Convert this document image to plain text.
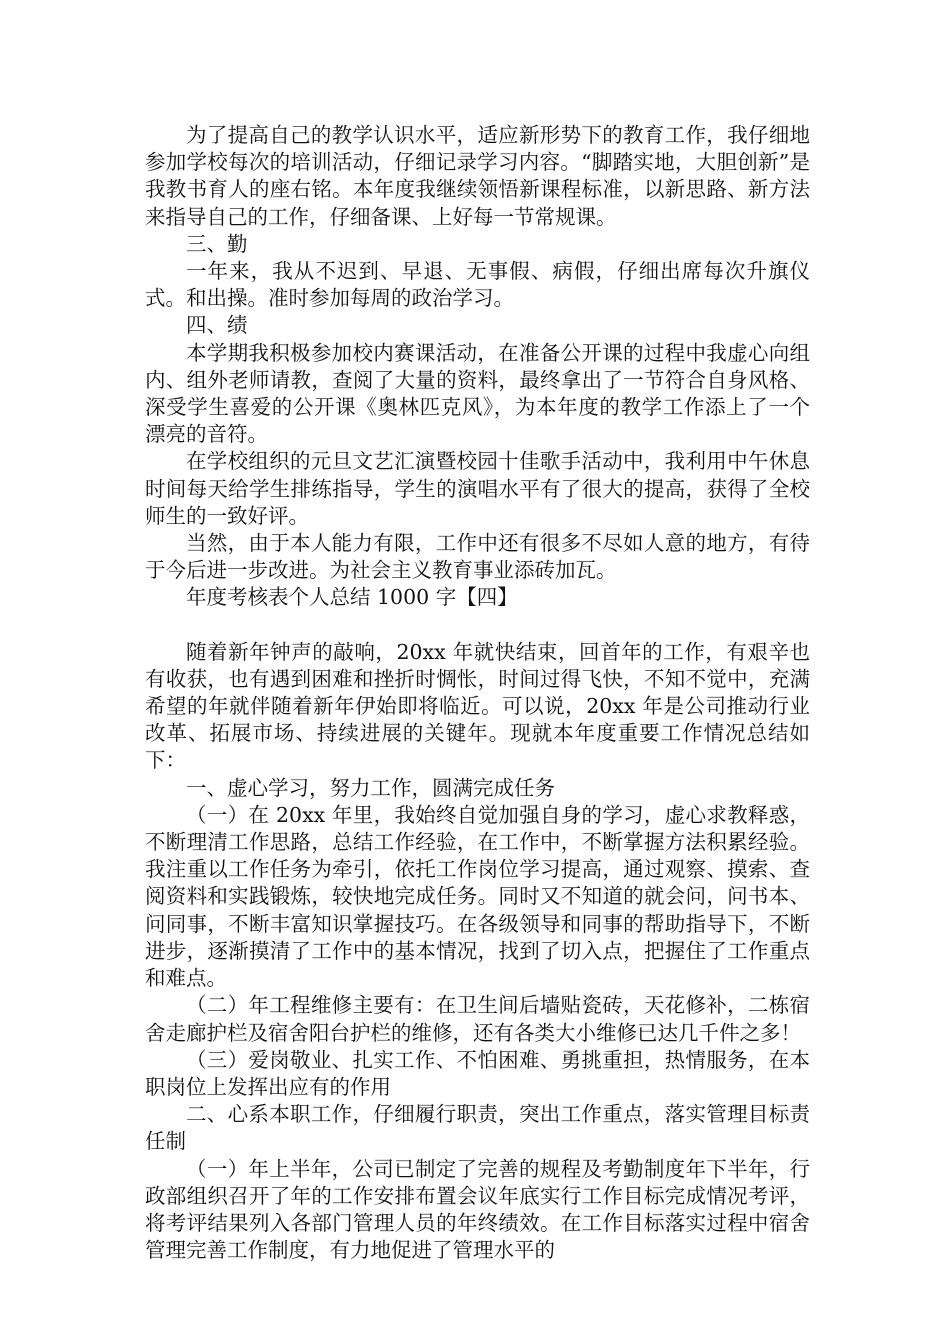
为了提高自己的教学认识水平，适应新形势下的教育工作，我仔细地参加学校每次的培训活动，仔细记录学习内容。“脚踏实地，大胆创新”是我教书育人的座右铭。本年度我继续领悟新课程标准，以新思路、新方法来指导自己的工作，仔细备课、上好每一节常规课。

三、勤

一年来，我从不迟到、早退、无事假、病假，仔细出席每次升旗仪式。和出操。准时参加每周的政治学习。

四、绩

本学期我积极参加校内赛课活动，在准备公开课的过程中我虚心向组内、组外老师请教，查阅了大量的资料，最终拿出了一节符合自身风格、深受学生喜爱的公开课《奥林匹克风》，为本年度的教学工作添上了一个漂亮的音符。

在学校组织的元旦文艺汇演暨校园十佳歌手活动中，我利用中午休息时间每天给学生排练指导，学生的演唱水平有了很大的提高，获得了全校师生的一致好评。

当然，由于本人能力有限，工作中还有很多不尽如人意的地方，有待于今后进一步改进。为社会主义教育事业添砖加瓦。

年度考核表个人总结 1000 字【四】

随着新年钟声的敲响，20xx 年就快结束，回首年的工作，有艰辛也有收获，也有遇到困难和挫折时惆怅，时间过得飞快，不知不觉中，充满希望的年就伴随着新年伊始即将临近。可以说，20xx 年是公司推动行业改革、拓展市场、持续进展的关键年。现就本年度重要工作情况总结如下：

一、虚心学习，努力工作，圆满完成任务

（一）在 20xx 年里，我始终自觉加强自身的学习，虚心求教释惑，不断理清工作思路，总结工作经验，在工作中，不断掌握方法积累经验。我注重以工作任务为牵引，依托工作岗位学习提高，通过观察、摸索、查阅资料和实践锻炼，较快地完成任务。同时又不知道的就会问，问书本、问同事，不断丰富知识掌握技巧。在各级领导和同事的帮助指导下，不断进步，逐渐摸清了工作中的基本情况，找到了切入点，把握住了工作重点和难点。

（二）年工程维修主要有：在卫生间后墙贴瓷砖，天花修补，二栋宿舍走廊护栏及宿舍阳台护栏的维修，还有各类大小维修已达几千件之多！

（三）爱岗敬业、扎实工作、不怕困难、勇挑重担，热情服务，在本职岗位上发挥出应有的作用

二、心系本职工作，仔细履行职责，突出工作重点，落实管理目标责任制

（一）年上半年，公司已制定了完善的规程及考勤制度年下半年，行政部组织召开了年的工作安排布置会议年底实行工作目标完成情况考评，将考评结果列入各部门管理人员的年终绩效。在工作目标落实过程中宿舍管理完善工作制度，有力地促进了管理水平的
